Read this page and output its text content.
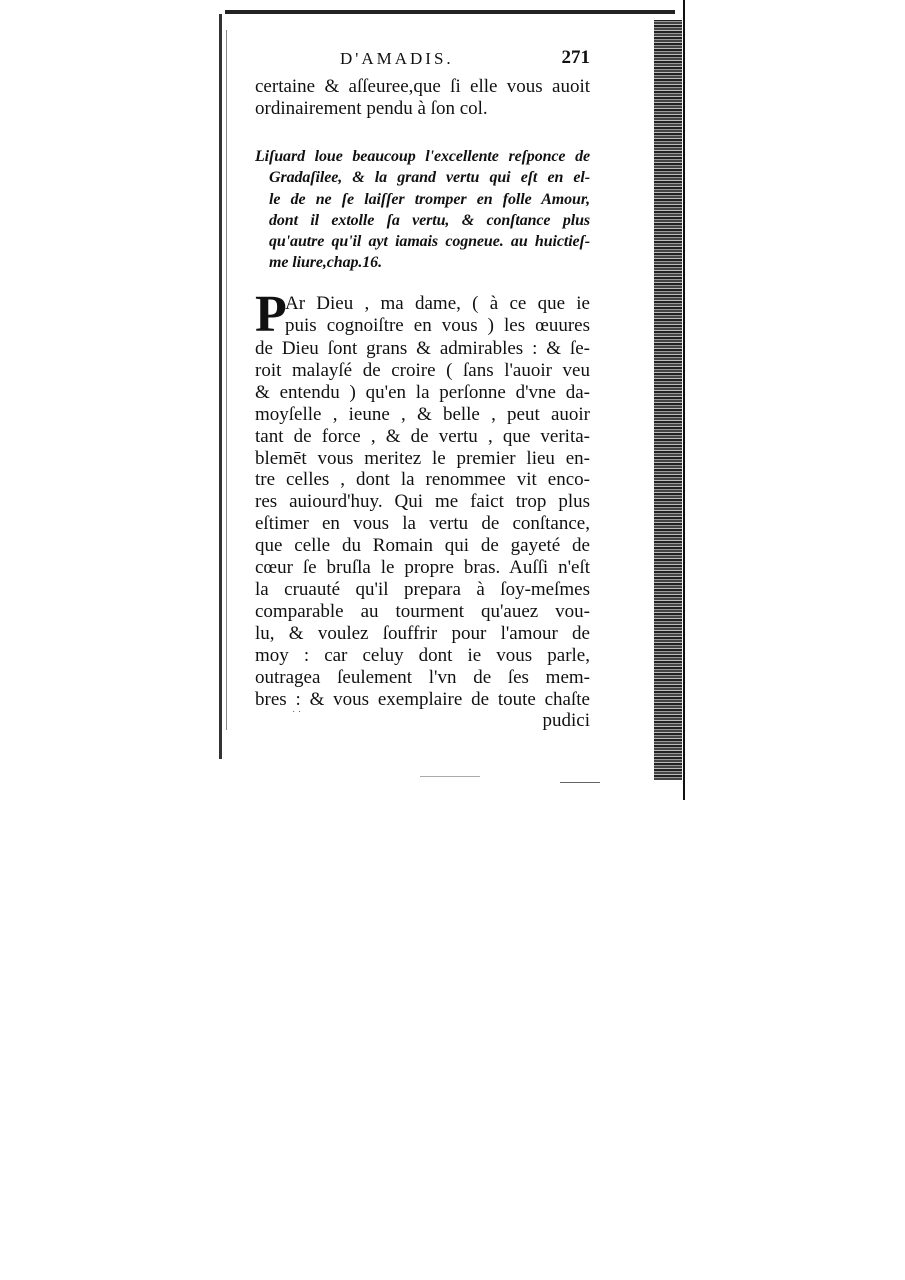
D'AMADIS.	271
certaine & aſſeuree,que ſi elle vous auoit
ordinairement pendu à ſon col.
Liſuard loue beaucoup l'excellente reſponce de
Gradaſilee, & la grand vertu qui eſt en el-
le de ne ſe laiſſer tromper en folle Amour,
dont il extolle ſa vertu, & conſtance plus
qu'autre qu'il ayt iamais cogneue. au huictieſ-
me liure,chap.16.
P
Ar Dieu , ma dame, ( à ce que ie
puis cognoiſtre en vous ) les œuures
de Dieu ſont grans & admirables : & ſe-
roit malayſé de croire ( ſans l'auoir veu
& entendu ) qu'en la perſonne d'vne da-
moyſelle , ieune , & belle , peut auoir
tant de force , & de vertu , que verita-
blemēt vous meritez le premier lieu en-
tre celles , dont la renommee vit enco-
res auiourd'huy. Qui me faict trop plus
eſtimer en vous la vertu de conſtance,
que celle du Romain qui de gayeté de
cœur ſe bruſla le propre bras. Auſſi n'eſt
la cruauté qu'il prepara à ſoy-meſmes
comparable au tourment qu'auez vou-
lu, & voulez ſouffrir pour l'amour de
moy : car celuy dont ie vous parle,
outragea ſeulement l'vn de ſes mem-
bres : & vous exemplaire de toute chaſte
pudici
˙ ˙
